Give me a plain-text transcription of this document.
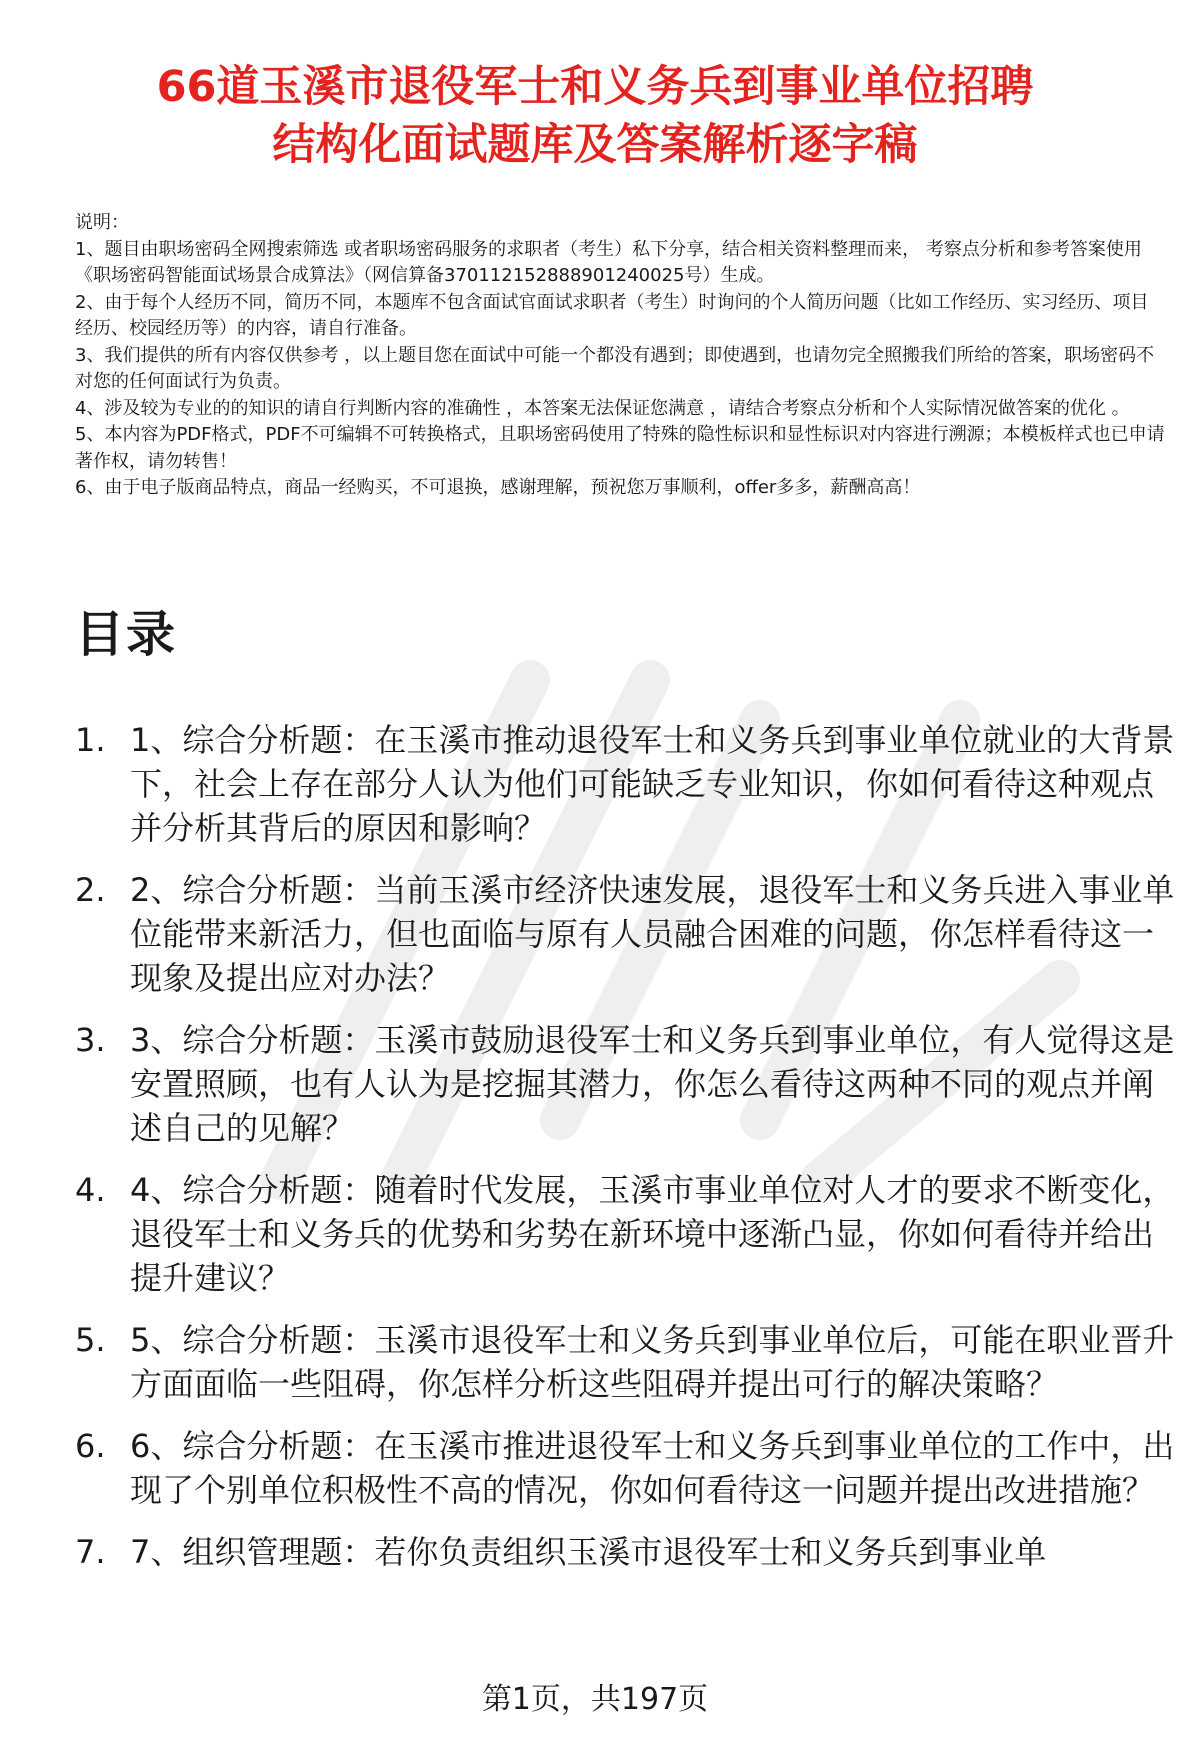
66道玉溪市退役军士和义务兵到事业单位招聘
结构化面试题库及答案解析逐字稿

说明：

1、题目由职场密码全网搜索筛选 或者职场密码服务的求职者（考生）私下分享，结合相关资料整理而来， 考察点分析和参考答案使用《职场密码智能面试场景合成算法》（网信算备370112152888901240025号）生成。

2、由于每个人经历不同，简历不同，本题库不包含面试官面试求职者（考生）时询问的个人简历问题（比如工作经历、实习经历、项目经历、校园经历等）的内容，请自行准备。

3、我们提供的所有内容仅供参考 ，以上题目您在面试中可能一个都没有遇到；即使遇到，也请勿完全照搬我们所给的答案，职场密码不对您的任何面试行为负责。

4、涉及较为专业的的知识的请自行判断内容的准确性 ，本答案无法保证您满意 ，请结合考察点分析和个人实际情况做答案的优化 。

5、本内容为PDF格式，PDF不可编辑不可转换格式，且职场密码使用了特殊的隐性标识和显性标识对内容进行溯源；本模板样式也已申请著作权，请勿转售！

6、由于电子版商品特点，商品一经购买，不可退换，感谢理解，预祝您万事顺利，offer多多，薪酬高高！

目录
1. 1、综合分析题：在玉溪市推动退役军士和义务兵到事业单位就业的大背景下，社会上存在部分人认为他们可能缺乏专业知识，你如何看待这种观点并分析其背后的原因和影响？
2. 2、综合分析题：当前玉溪市经济快速发展，退役军士和义务兵进入事业单位能带来新活力，但也面临与原有人员融合困难的问题，你怎样看待这一现象及提出应对办法？
3. 3、综合分析题：玉溪市鼓励退役军士和义务兵到事业单位，有人觉得这是安置照顾，也有人认为是挖掘其潜力，你怎么看待这两种不同的观点并阐述自己的见解？
4. 4、综合分析题：随着时代发展，玉溪市事业单位对人才的要求不断变化，退役军士和义务兵的优势和劣势在新环境中逐渐凸显，你如何看待并给出提升建议？
5. 5、综合分析题：玉溪市退役军士和义务兵到事业单位后，可能在职业晋升方面面临一些阻碍，你怎样分析这些阻碍并提出可行的解决策略？
6. 6、综合分析题：在玉溪市推进退役军士和义务兵到事业单位的工作中，出现了个别单位积极性不高的情况，你如何看待这一问题并提出改进措施？
7. 7、组织管理题：若你负责组织玉溪市退役军士和义务兵到事业单
第1页，共197页
